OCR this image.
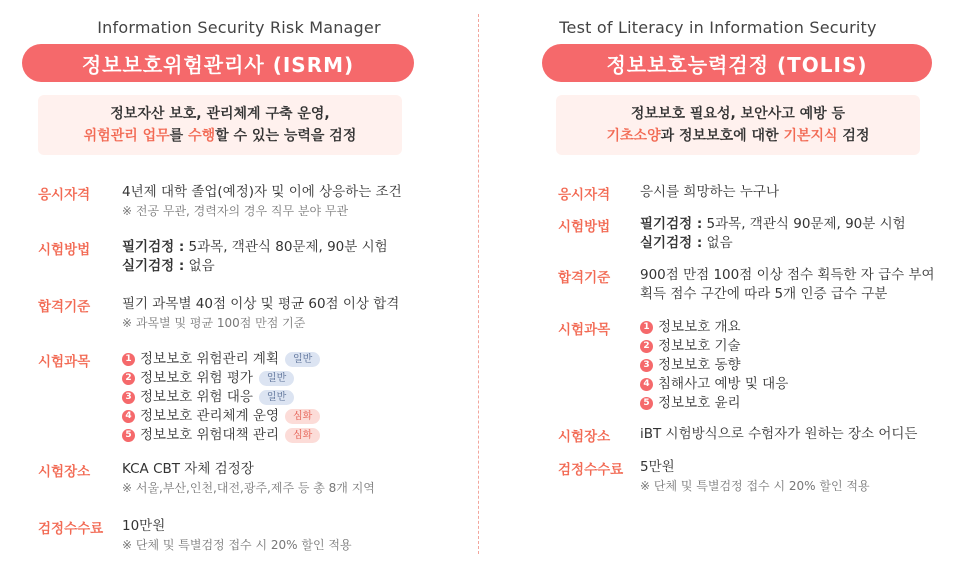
Information Security Risk Manager
정보보호위험관리사 (ISRM)
정보자산 보호, 관리체계 구축 운영,
위험관리 업무를 수행할 수 있는 능력을 검정
응시자격	4년제 대학 졸업(예정)자 및 이에 상응하는 조건
※ 전공 무관, 경력자의 경우 직무 분야 무관
시험방법	필기검정 : 5과목, 객관식 80문제, 90분 시험
실기검정 : 없음
합격기준	필기 과목별 40점 이상 및 평균 60점 이상 합격
※ 과목별 및 평균 100점 만점 기준
시험과목	1 정보보호 위험관리 계획	일반
2 정보보호 위험 평가	일반
3 정보보호 위험 대응	일반
4 정보보호 관리체계 운영	심화
5 정보보호 위험대책 관리	심화
시험장소	KCA CBT 자체 검정장
※ 서울,부산,인천,대전,광주,제주 등 총 8개 지역
검정수수료	10만원
※ 단체 및 특별검정 접수 시 20% 할인 적용
Test of Literacy in Information Security
정보보호능력검정 (TOLIS)
정보보호 필요성, 보안사고 예방 등
기초소양과 정보보호에 대한 기본지식 검정
응시자격	응시를 희망하는 누구나
시험방법	필기검정 : 5과목, 객관식 90문제, 90분 시험
실기검정 : 없음
합격기준	900점 만점 100점 이상 점수 획득한 자 급수 부여
획득 점수 구간에 따라 5개 인증 급수 구분
시험과목	1 정보보호 개요
2 정보보호 기술
3 정보보호 동향
4 침해사고 예방 및 대응
5 정보보호 윤리
시험장소	iBT 시험방식으로 수험자가 원하는 장소 어디든
검정수수료	5만원
※ 단체 및 특별검정 접수 시 20% 할인 적용
